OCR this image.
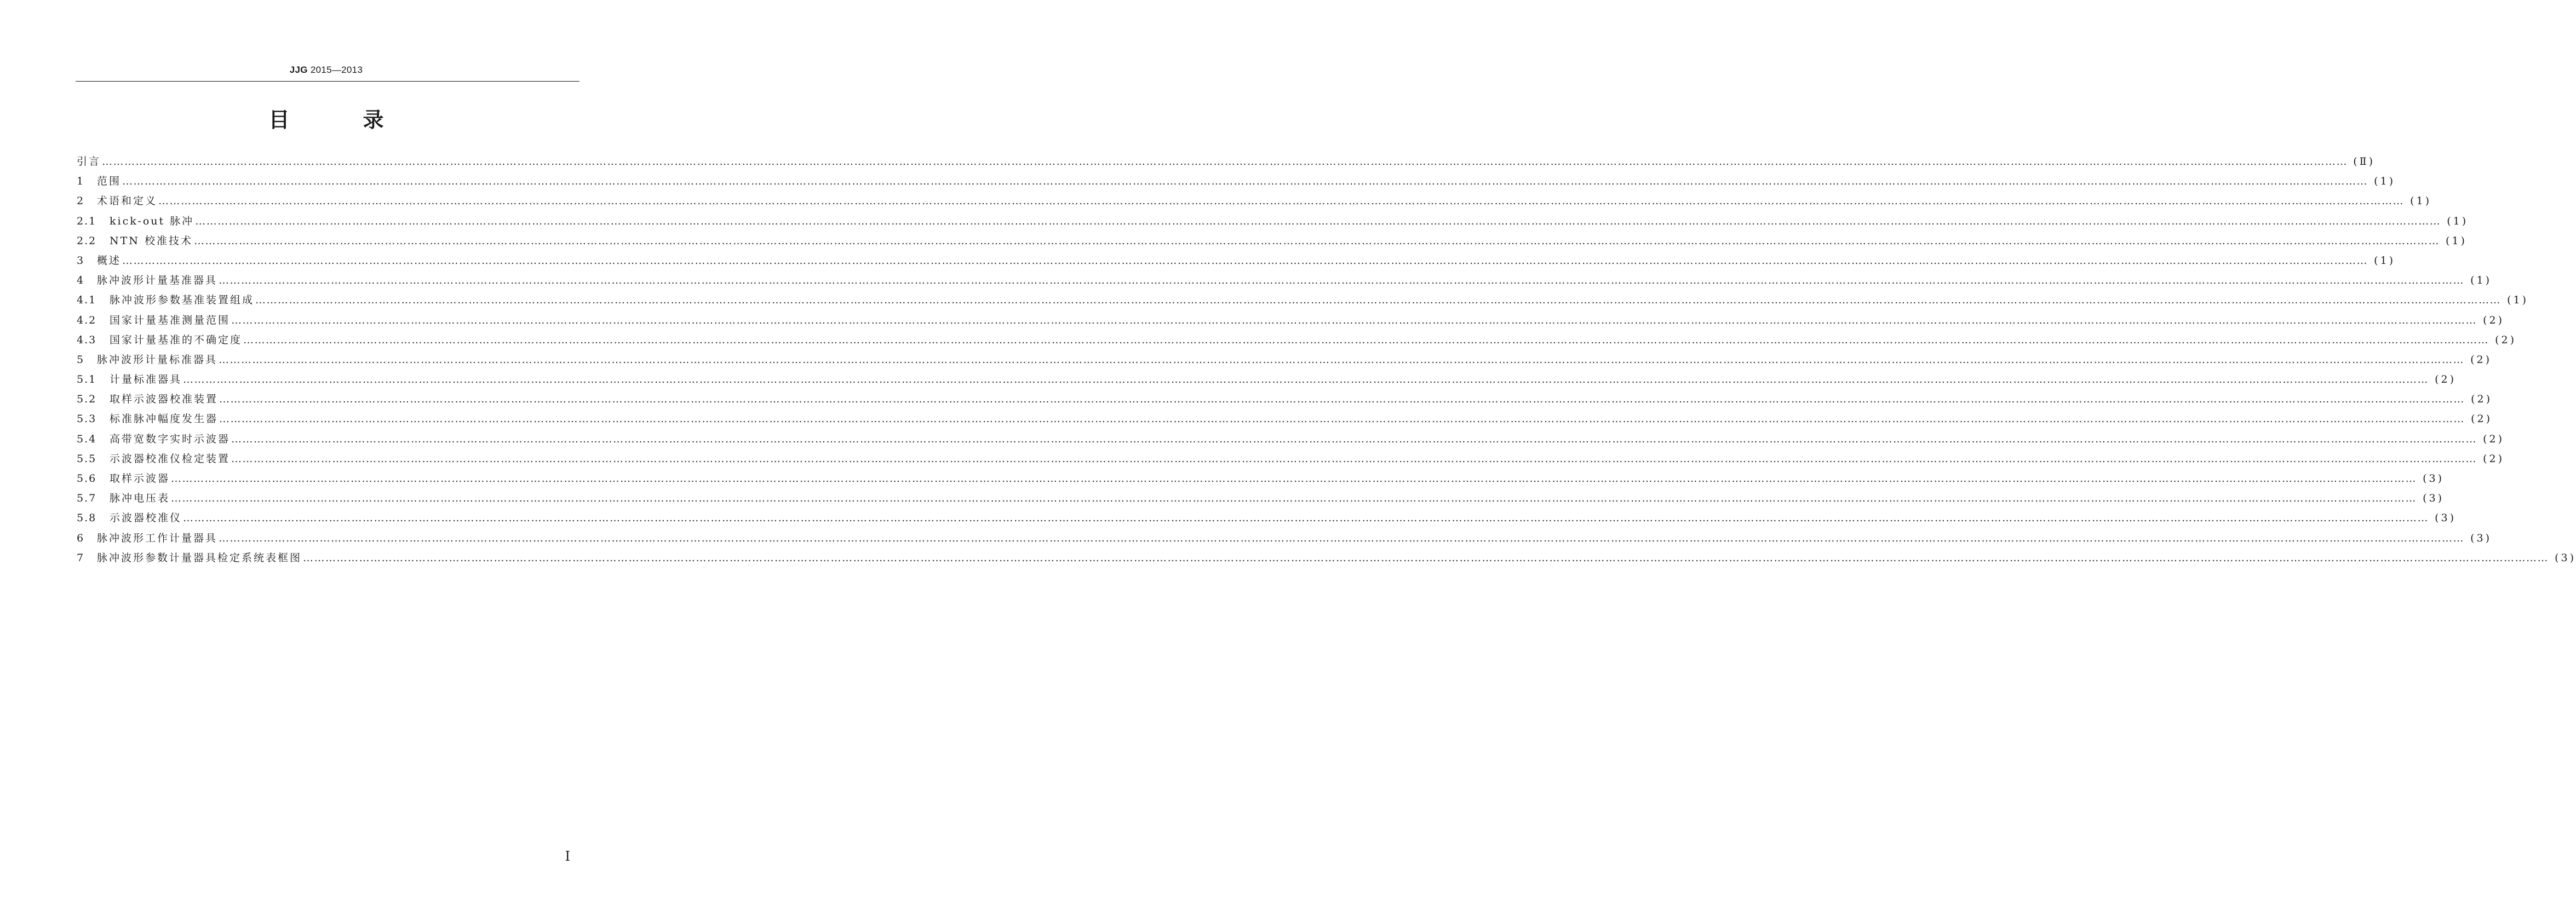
JJG 2015—2013
目　录
引言 …………………………………………………………………………………………………………………………………………………………………………………………………………………………………………………………………………………………………………………………………………………………………………………………………………………………………………………………………………………………………………………………………………………… (Ⅱ)
1	范围 …………………………………………………………………………………………………………………………………………………………………………………………………………………………………………………………………………………………………………………………………………………………………………………………………………………………………………………………………………………………………………………………………………………… (1)
2	术语和定义 …………………………………………………………………………………………………………………………………………………………………………………………………………………………………………………………………………………………………………………………………………………………………………………………………………………………………………………………………………………………………………………………………………………… (1)
2.1	kick-out 脉冲 …………………………………………………………………………………………………………………………………………………………………………………………………………………………………………………………………………………………………………………………………………………………………………………………………………………………………………………………………………………………………………………………………………………… (1)
2.2	NTN 校准技术 …………………………………………………………………………………………………………………………………………………………………………………………………………………………………………………………………………………………………………………………………………………………………………………………………………………………………………………………………………………………………………………………………………………… (1)
3	概述 …………………………………………………………………………………………………………………………………………………………………………………………………………………………………………………………………………………………………………………………………………………………………………………………………………………………………………………………………………………………………………………………………………………… (1)
4	脉冲波形计量基准器具 …………………………………………………………………………………………………………………………………………………………………………………………………………………………………………………………………………………………………………………………………………………………………………………………………………………………………………………………………………………………………………………………………………………… (1)
4.1	脉冲波形参数基准装置组成 …………………………………………………………………………………………………………………………………………………………………………………………………………………………………………………………………………………………………………………………………………………………………………………………………………………………………………………………………………………………………………………………………………………… (1)
4.2	国家计量基准测量范围 …………………………………………………………………………………………………………………………………………………………………………………………………………………………………………………………………………………………………………………………………………………………………………………………………………………………………………………………………………………………………………………………………………………… (2)
4.3	国家计量基准的不确定度 …………………………………………………………………………………………………………………………………………………………………………………………………………………………………………………………………………………………………………………………………………………………………………………………………………………………………………………………………………………………………………………………………………………… (2)
5	脉冲波形计量标准器具 …………………………………………………………………………………………………………………………………………………………………………………………………………………………………………………………………………………………………………………………………………………………………………………………………………………………………………………………………………………………………………………………………………………… (2)
5.1	计量标准器具 …………………………………………………………………………………………………………………………………………………………………………………………………………………………………………………………………………………………………………………………………………………………………………………………………………………………………………………………………………………………………………………………………………………… (2)
5.2	取样示波器校准装置 …………………………………………………………………………………………………………………………………………………………………………………………………………………………………………………………………………………………………………………………………………………………………………………………………………………………………………………………………………………………………………………………………………………… (2)
5.3	标准脉冲幅度发生器 …………………………………………………………………………………………………………………………………………………………………………………………………………………………………………………………………………………………………………………………………………………………………………………………………………………………………………………………………………………………………………………………………………………… (2)
5.4	高带宽数字实时示波器 …………………………………………………………………………………………………………………………………………………………………………………………………………………………………………………………………………………………………………………………………………………………………………………………………………………………………………………………………………………………………………………………………………………… (2)
5.5	示波器校准仪检定装置 …………………………………………………………………………………………………………………………………………………………………………………………………………………………………………………………………………………………………………………………………………………………………………………………………………………………………………………………………………………………………………………………………………………… (2)
5.6	取样示波器 …………………………………………………………………………………………………………………………………………………………………………………………………………………………………………………………………………………………………………………………………………………………………………………………………………………………………………………………………………………………………………………………………………………… (3)
5.7	脉冲电压表 …………………………………………………………………………………………………………………………………………………………………………………………………………………………………………………………………………………………………………………………………………………………………………………………………………………………………………………………………………………………………………………………………………………… (3)
5.8	示波器校准仪 …………………………………………………………………………………………………………………………………………………………………………………………………………………………………………………………………………………………………………………………………………………………………………………………………………………………………………………………………………………………………………………………………………………… (3)
6	脉冲波形工作计量器具 …………………………………………………………………………………………………………………………………………………………………………………………………………………………………………………………………………………………………………………………………………………………………………………………………………………………………………………………………………………………………………………………………………………… (3)
7	脉冲波形参数计量器具检定系统表框图 …………………………………………………………………………………………………………………………………………………………………………………………………………………………………………………………………………………………………………………………………………………………………………………………………………………………………………………………………………………………………………………………………………………… (3)
Ⅰ
